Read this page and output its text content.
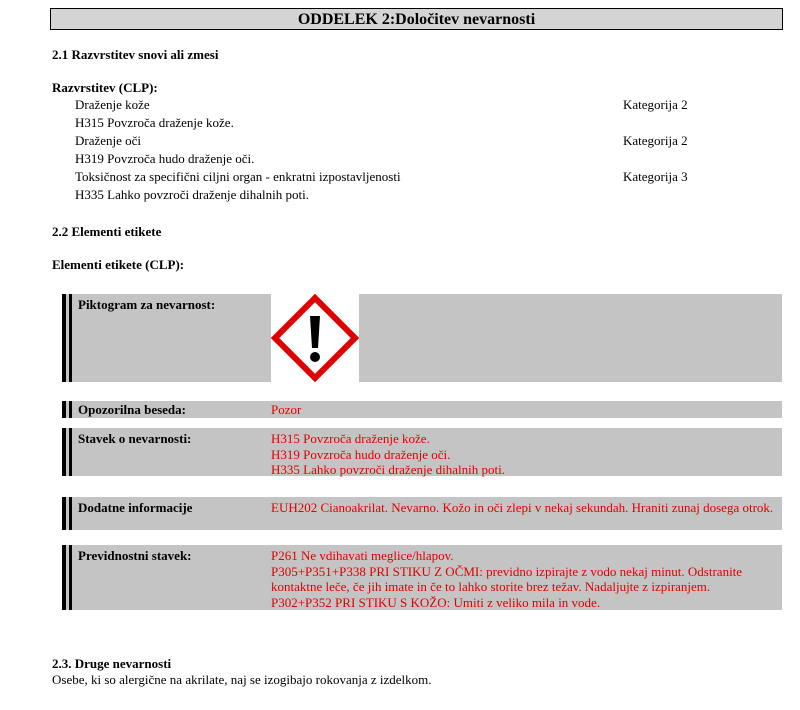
ODDELEK 2:Določitev nevarnosti
2.1 Razvrstitev snovi ali zmesi
Razvrstitev (CLP):
Draženje kože	Kategorija 2
H315 Povzroča draženje kože.
Draženje oči	Kategorija 2
H319 Povzroča hudo draženje oči.
Toksičnost za specifični ciljni organ - enkratni izpostavljenosti	Kategorija 3
H335 Lahko povzroči draženje dihalnih poti.
2.2 Elementi etikete
Elementi etikete (CLP):
Piktogram za nevarnost:
Opozorilna beseda:	Pozor
Stavek o nevarnosti:	H315 Povzroča draženje kože.
H319 Povzroča hudo draženje oči.
H335 Lahko povzroči draženje dihalnih poti.
Dodatne informacije	EUH202 Cianoakrilat. Nevarno. Kožo in oči zlepi v nekaj sekundah. Hraniti zunaj dosega otrok.
Previdnostni stavek:	P261 Ne vdihavati meglice/hlapov.
P305+P351+P338 PRI STIKU Z OČMI: previdno izpirajte z vodo nekaj minut. Odstranite kontaktne leče, če jih imate in če to lahko storite brez težav. Nadaljujte z izpiranjem.
P302+P352 PRI STIKU S KOŽO: Umiti z veliko mila in vode.
2.3. Druge nevarnosti
Osebe, ki so alergične na akrilate, naj se izogibajo rokovanja z izdelkom.
